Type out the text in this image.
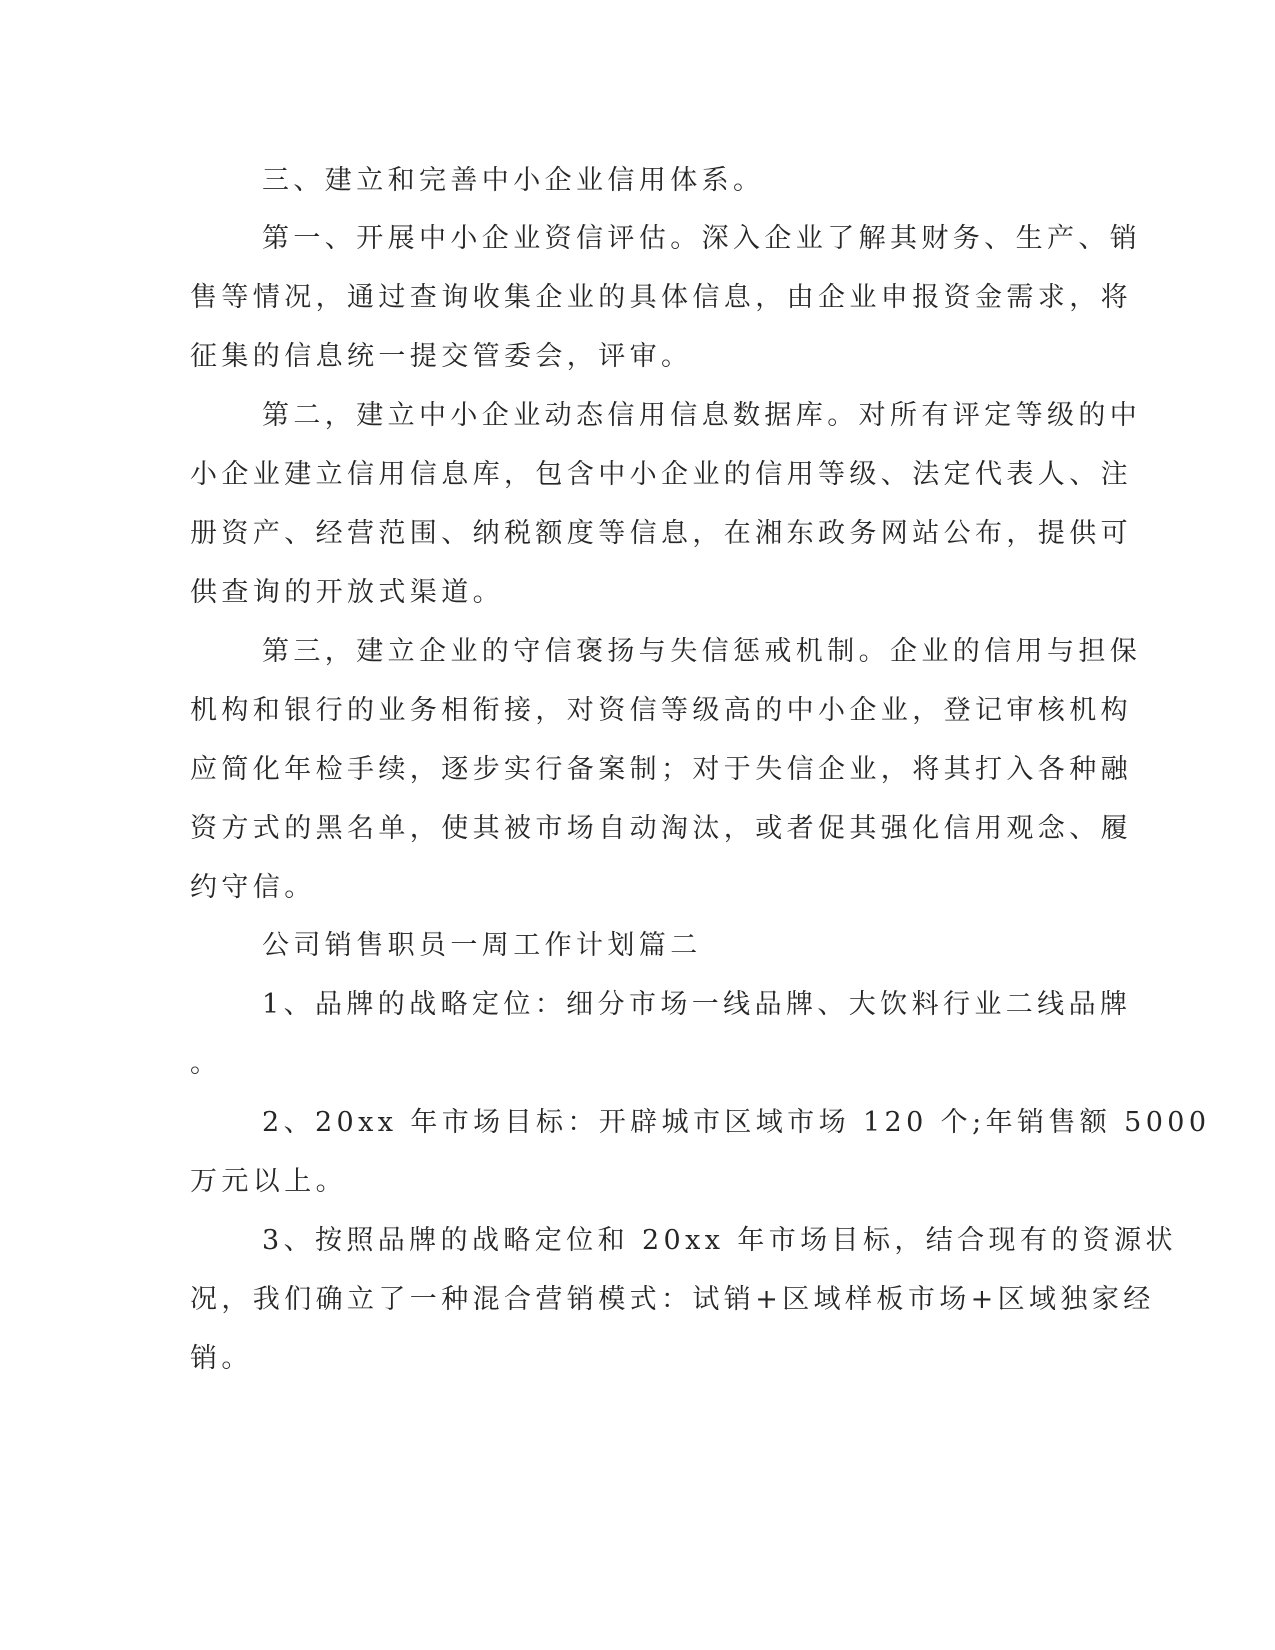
三、建立和完善中小企业信用体系。

第一、开展中小企业资信评估。深入企业了解其财务、生产、销

售等情况，通过查询收集企业的具体信息，由企业申报资金需求，将

征集的信息统一提交管委会，评审。

第二，建立中小企业动态信用信息数据库。对所有评定等级的中

小企业建立信用信息库，包含中小企业的信用等级、法定代表人、注

册资产、经营范围、纳税额度等信息，在湘东政务网站公布，提供可

供查询的开放式渠道。

第三，建立企业的守信褒扬与失信惩戒机制。企业的信用与担保

机构和银行的业务相衔接，对资信等级高的中小企业，登记审核机构

应简化年检手续，逐步实行备案制；对于失信企业，将其打入各种融

资方式的黑名单，使其被市场自动淘汰，或者促其强化信用观念、履

约守信。

公司销售职员一周工作计划篇二

1、品牌的战略定位：细分市场一线品牌、大饮料行业二线品牌

。

2、20xx 年市场目标：开辟城市区域市场 120 个;年销售额 5000

万元以上。

3、按照品牌的战略定位和 20xx 年市场目标，结合现有的资源状

况，我们确立了一种混合营销模式：试销+区域样板市场+区域独家经

销。
